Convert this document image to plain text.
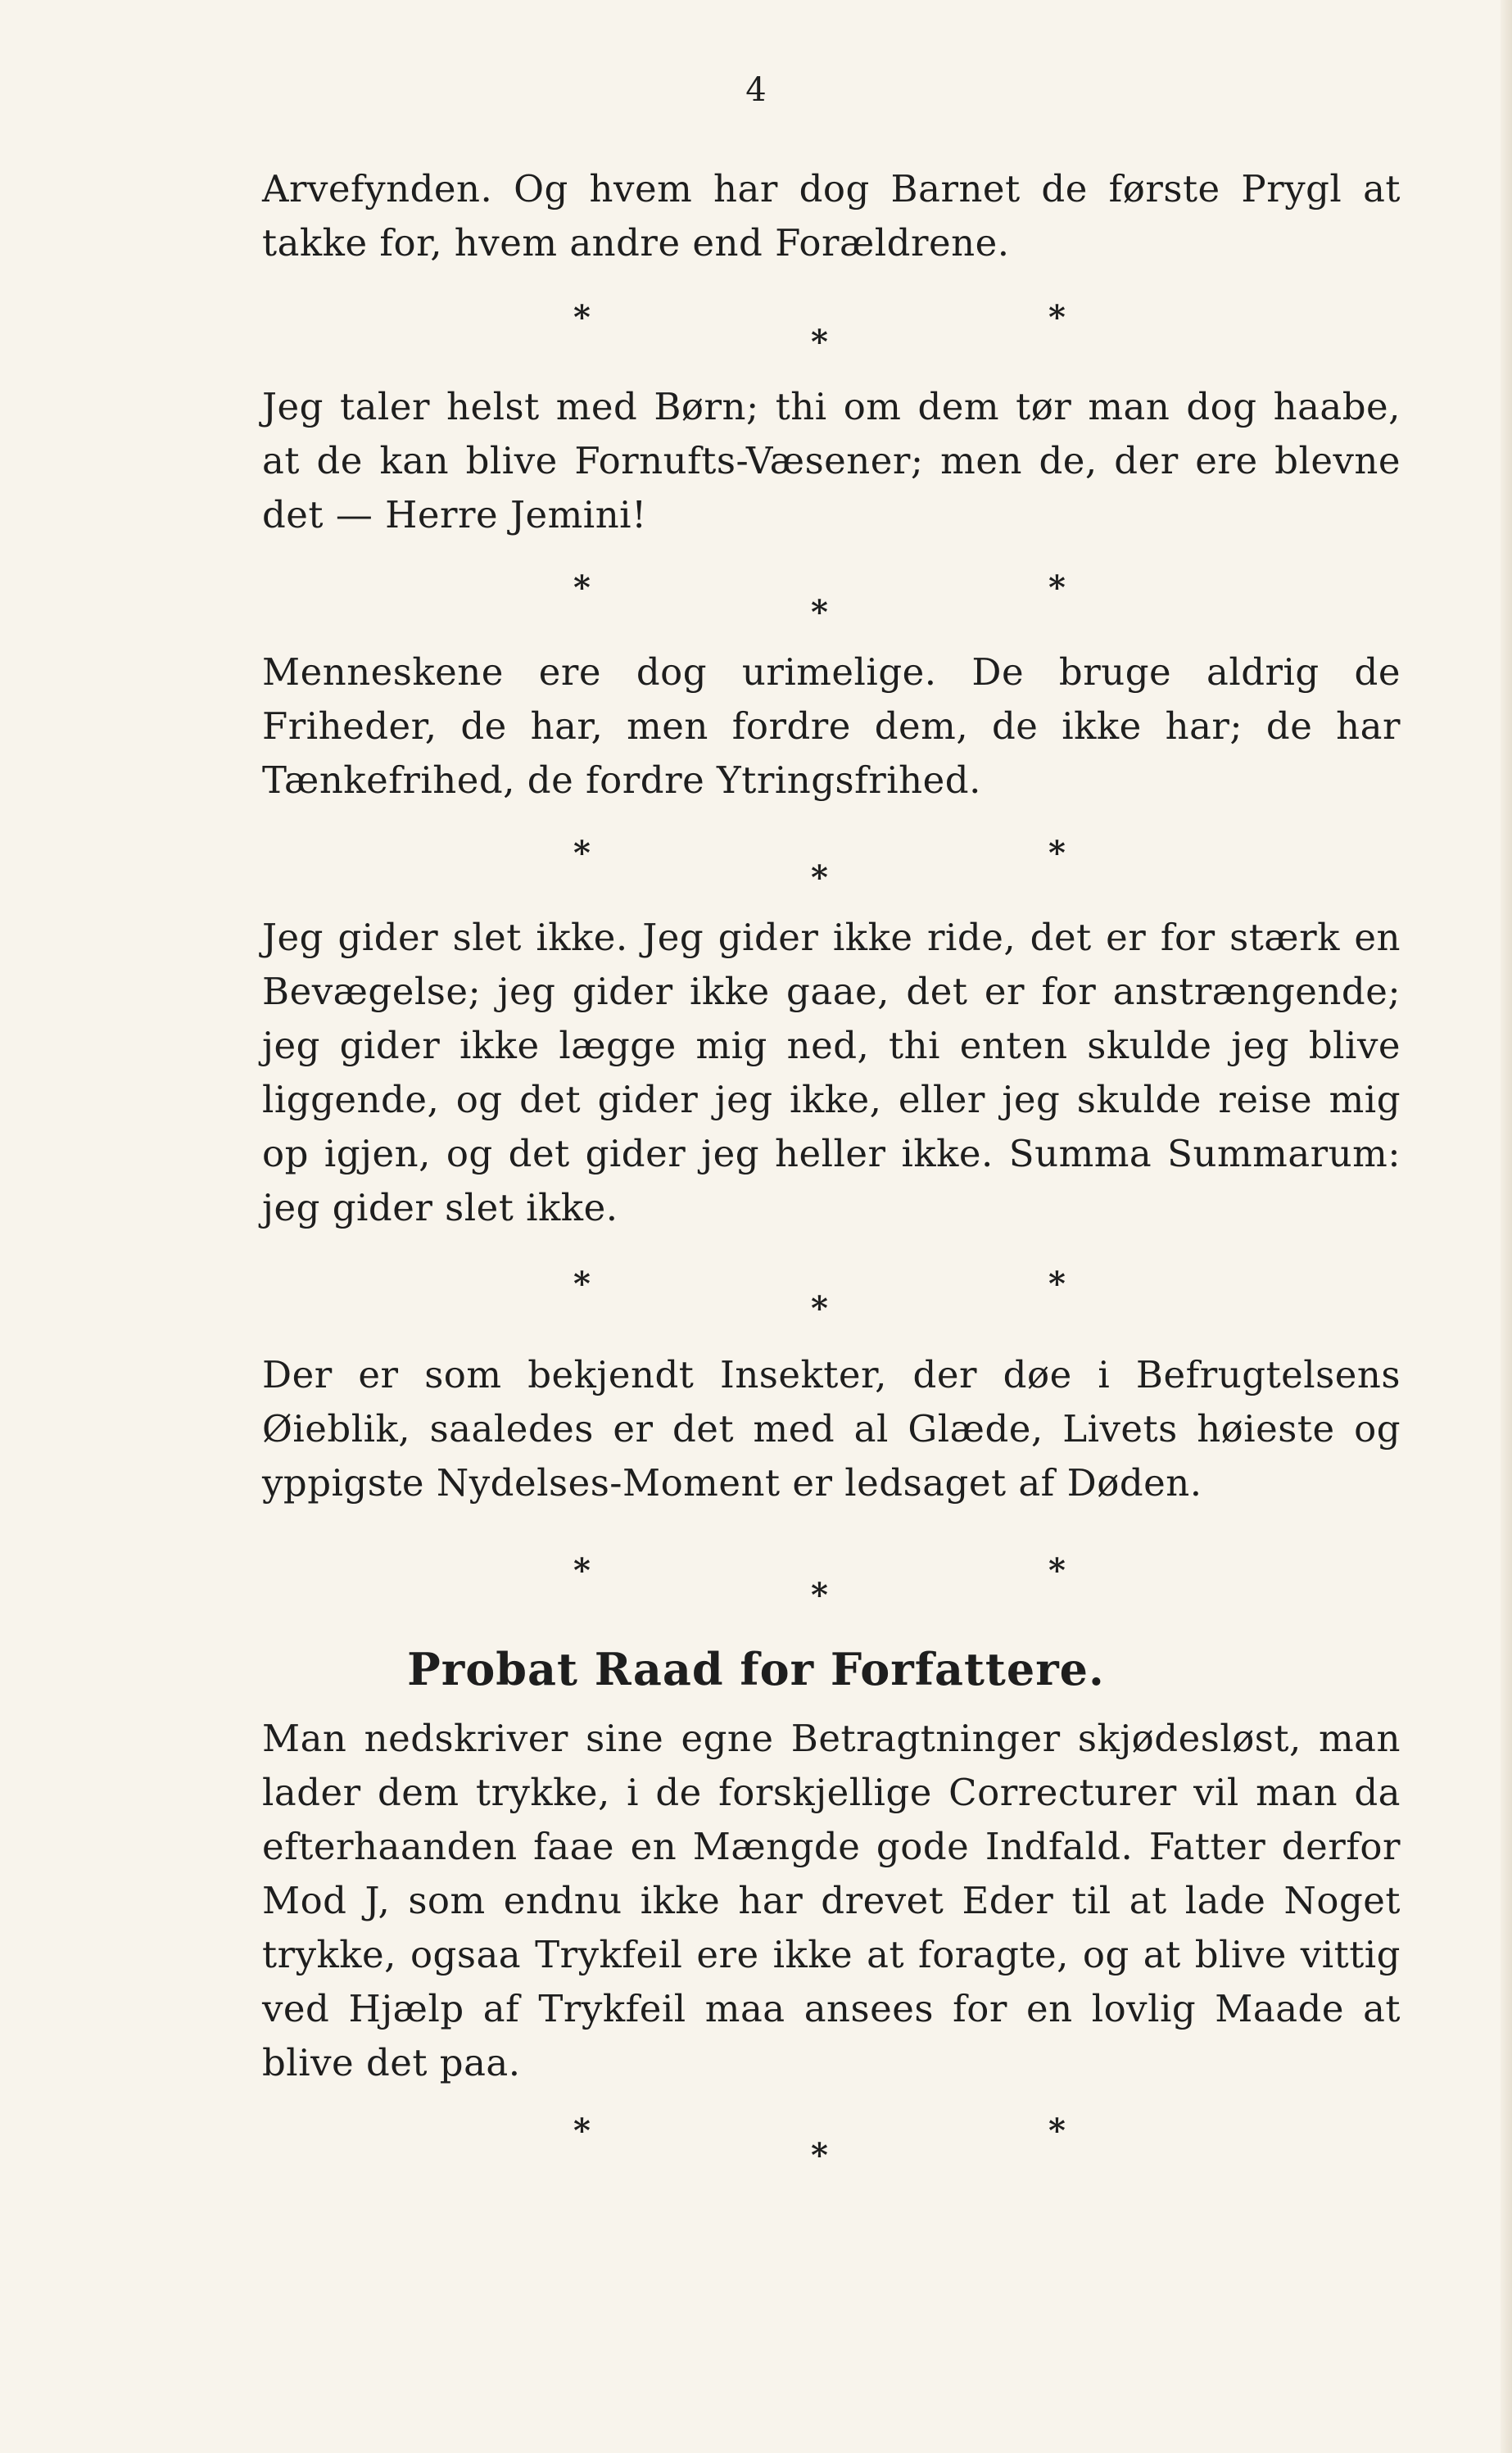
4

Arvefynden. Og hvem har dog Barnet de første Prygl at takke for, hvem andre end Forældrene.

*
*
*

Jeg taler helst med Børn; thi om dem tør man dog haabe, at de kan blive Fornufts-Væsener; men de, der ere blevne det — Herre Jemini!

*
*
*

Menneskene ere dog urimelige. De bruge aldrig de Friheder, de har, men fordre dem, de ikke har; de har Tænkefrihed, de fordre Ytringsfrihed.

*
*
*

Jeg gider slet ikke. Jeg gider ikke ride, det er for stærk en Bevægelse; jeg gider ikke gaae, det er for anstrængende; jeg gider ikke lægge mig ned, thi enten skulde jeg blive liggende, og det gider jeg ikke, eller jeg skulde reise mig op igjen, og det gider jeg heller ikke. Summa Summarum: jeg gider slet ikke.

*
*
*

Der er som bekjendt Insekter, der døe i Befrugtelsens Øieblik, saaledes er det med al Glæde, Livets høieste og yppigste Nydelses-Moment er ledsaget af Døden.

*
*
*
Probat Raad for Forfattere.

Man nedskriver sine egne Betragtninger skjødesløst, man lader dem trykke, i de forskjellige Correcturer vil man da efterhaanden faae en Mængde gode Indfald. Fatter derfor Mod J, som endnu ikke har drevet Eder til at lade Noget trykke, ogsaa Trykfeil ere ikke at foragte, og at blive vittig ved Hjælp af Trykfeil maa ansees for en lovlig Maade at blive det paa.

*
*
*
